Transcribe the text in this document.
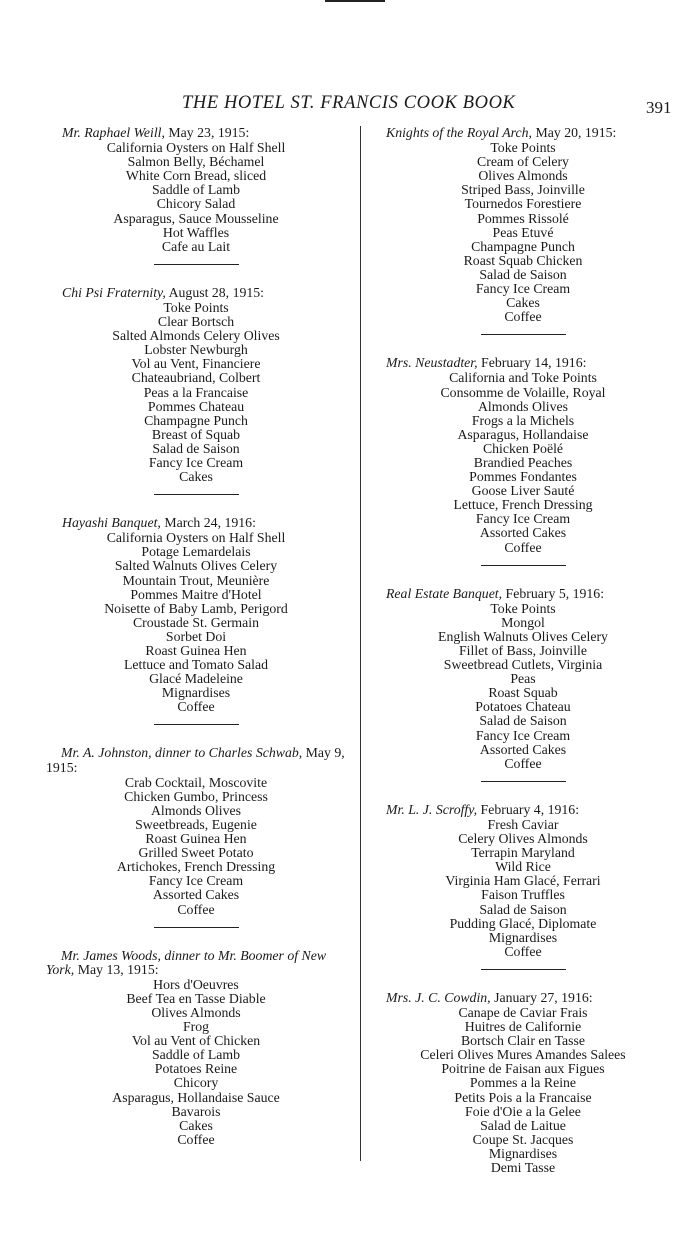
THE HOTEL ST. FRANCIS COOK BOOK	391
Mr. Raphael Weill, May 23, 1915:
California Oysters on Half Shell
Salmon Belly, Béchamel
White Corn Bread, sliced
Saddle of Lamb
Chicory Salad
Asparagus, Sauce Mousseline
Hot Waffles
Cafe au Lait
Chi Psi Fraternity, August 28, 1915:
Toke Points
Clear Bortsch
Salted Almonds Celery Olives
Lobster Newburgh
Vol au Vent, Financiere
Chateaubriand, Colbert
Peas a la Francaise
Pommes Chateau
Champagne Punch
Breast of Squab
Salad de Saison
Fancy Ice Cream
Cakes
Hayashi Banquet, March 24, 1916:
California Oysters on Half Shell
Potage Lemardelais
Salted Walnuts Olives Celery
Mountain Trout, Meunière
Pommes Maitre d'Hotel
Noisette of Baby Lamb, Perigord
Croustade St. Germain
Sorbet Doi
Roast Guinea Hen
Lettuce and Tomato Salad
Glacé Madeleine
Mignardises
Coffee
Mr. A. Johnston, dinner to Charles Schwab, May 9, 1915:
Crab Cocktail, Moscovite
Chicken Gumbo, Princess
Almonds Olives
Sweetbreads, Eugenie
Roast Guinea Hen
Grilled Sweet Potato
Artichokes, French Dressing
Fancy Ice Cream
Assorted Cakes
Coffee
Mr. James Woods, dinner to Mr. Boomer of New York, May 13, 1915:
Hors d'Oeuvres
Beef Tea en Tasse Diable
Olives Almonds
Frog
Vol au Vent of Chicken
Saddle of Lamb
Potatoes Reine
Chicory
Asparagus, Hollandaise Sauce
Bavarois
Cakes
Coffee
Knights of the Royal Arch, May 20, 1915:
Toke Points
Cream of Celery
Olives Almonds
Striped Bass, Joinville
Tournedos Forestiere
Pommes Rissolé
Peas Etuvé
Champagne Punch
Roast Squab Chicken
Salad de Saison
Fancy Ice Cream
Cakes
Coffee
Mrs. Neustadter, February 14, 1916:
California and Toke Points
Consomme de Volaille, Royal
Almonds Olives
Frogs a la Michels
Asparagus, Hollandaise
Chicken Poëlé
Brandied Peaches
Pommes Fondantes
Goose Liver Sauté
Lettuce, French Dressing
Fancy Ice Cream
Assorted Cakes
Coffee
Real Estate Banquet, February 5, 1916:
Toke Points
Mongol
English Walnuts Olives Celery
Fillet of Bass, Joinville
Sweetbread Cutlets, Virginia
Peas
Roast Squab
Potatoes Chateau
Salad de Saison
Fancy Ice Cream
Assorted Cakes
Coffee
Mr. L. J. Scroffy, February 4, 1916:
Fresh Caviar
Celery Olives Almonds
Terrapin Maryland
Wild Rice
Virginia Ham Glacé, Ferrari
Faison Truffles
Salad de Saison
Pudding Glacé, Diplomate
Mignardises
Coffee
Mrs. J. C. Cowdin, January 27, 1916:
Canape de Caviar Frais
Huitres de Californie
Bortsch Clair en Tasse
Celeri Olives Mures Amandes Salees
Poitrine de Faisan aux Figues
Pommes a la Reine
Petits Pois a la Francaise
Foie d'Oie a la Gelee
Salad de Laitue
Coupe St. Jacques
Mignardises
Demi Tasse
